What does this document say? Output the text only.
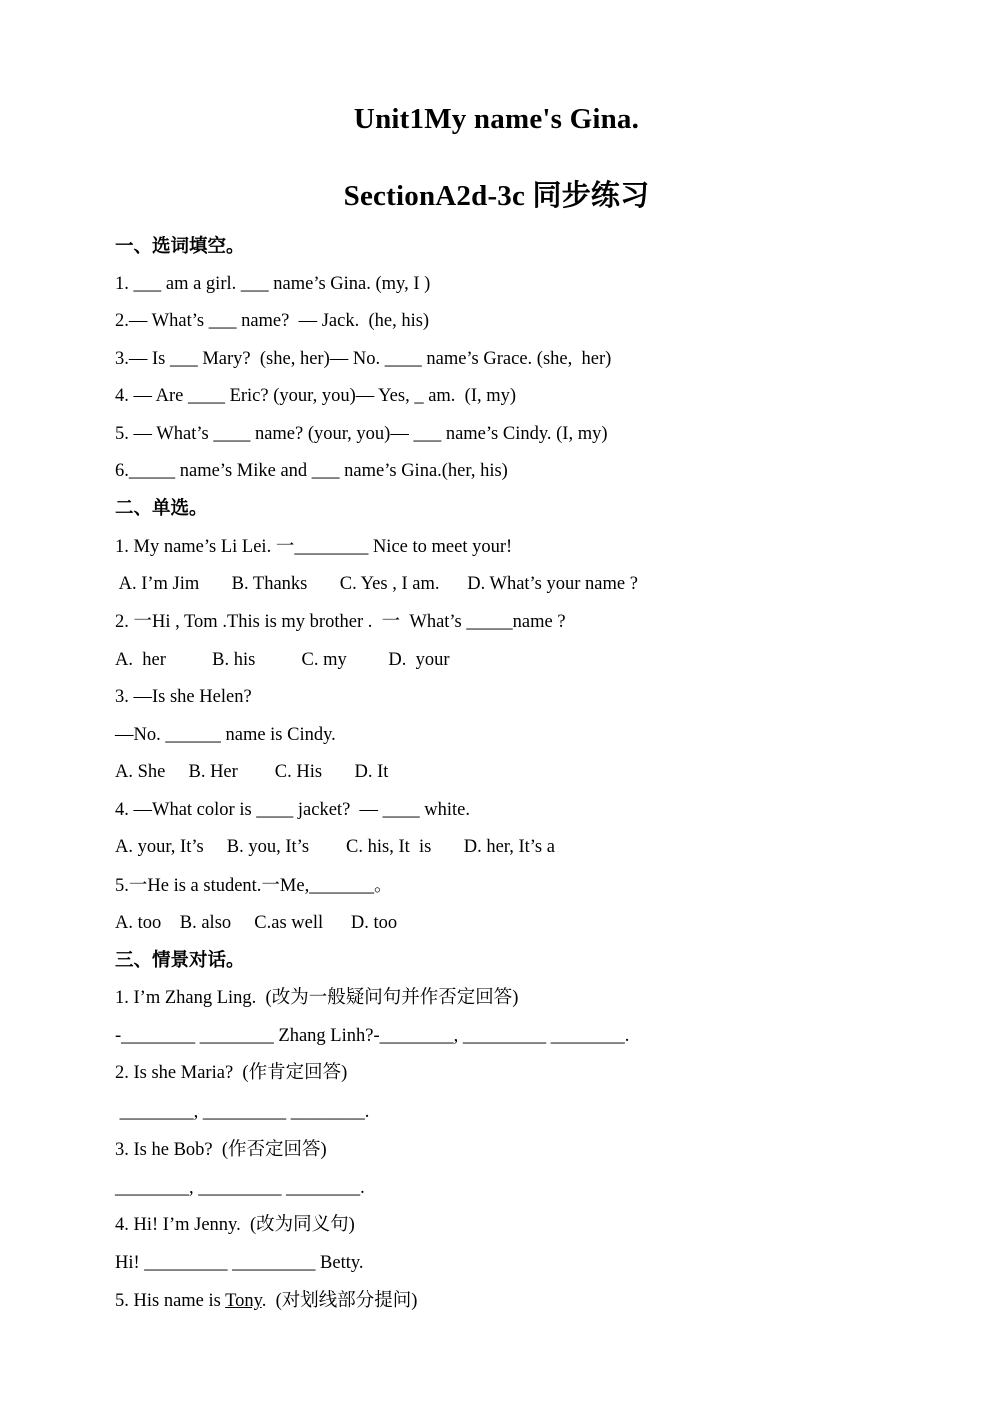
Unit1My name's Gina.
SectionA2d-3c 同步练习
一、选词填空。
1. ___ am a girl. ___ name’s Gina. (my, I )
2.— What’s ___ name?  — Jack.  (he, his)
3.— Is ___ Mary?  (she, her)— No. ____ name’s Grace. (she,  her)
4. — Are ____ Eric? (your, you)— Yes, _ am.  (I, my)
5. — What’s ____ name? (your, you)— ___ name’s Cindy. (I, my)
6._____ name’s Mike and ___ name’s Gina.(her, his)
二、单选。
1. My name’s Li Lei. 一________ Nice to meet your!
A. I’m Jim       B. Thanks       C. Yes , I am.      D. What’s your name ?
2. 一Hi , Tom .This is my brother .  一  What’s _____name ?
A.  her          B. his          C. my         D.  your
3. —Is she Helen?
—No. ______ name is Cindy.
A. She     B. Her        C. His       D. It
4. —What color is ____ jacket?  — ____ white.
A. your, It’s     B. you, It’s        C. his, It  is       D. her, It’s a
5.一He is a student.一Me,_______。
A. too    B. also     C.as well      D. too
三、情景对话。
1. I’m Zhang Ling.  (改为一般疑问句并作否定回答)
-________ ________ Zhang Linh?-________, _________ ________.
2. Is she Maria?  (作肯定回答)
________, _________ ________.
3. Is he Bob?  (作否定回答)
________, _________ ________.
4. Hi! I’m Jenny.  (改为同义句)
Hi! _________ _________ Betty.
5. His name is Tony.  (对划线部分提问)
